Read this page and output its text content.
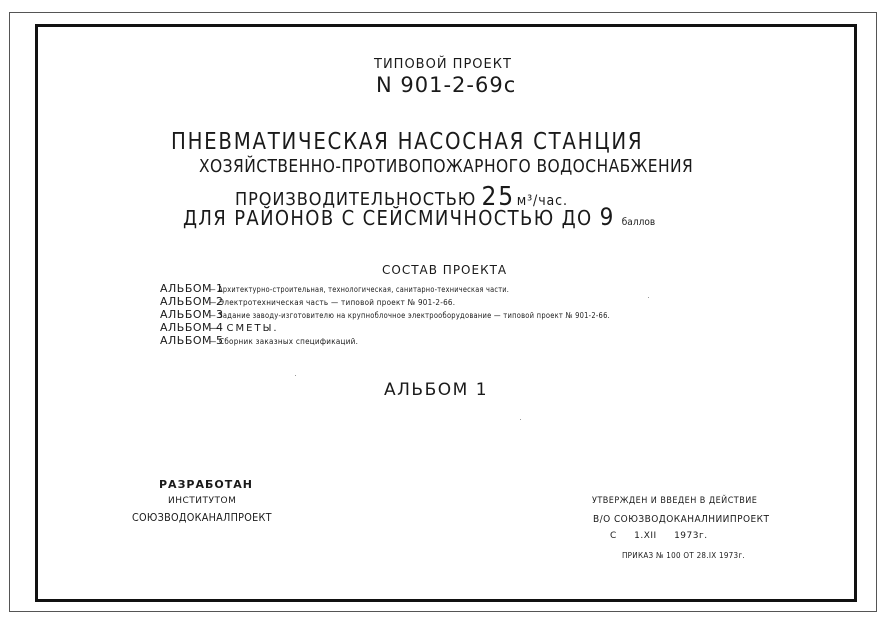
ТИПОВОЙ ПРОЕКТ
N 901-2-69с
ПНЕВМАТИЧЕСКАЯ НАСОСНАЯ СТАНЦИЯ
ХОЗЯЙСТВЕННО-ПРОТИВОПОЖАРНОГО ВОДОСНАБЖЕНИЯ
ПРОИЗВОДИТЕЛЬНОСТЬЮ 25 м³/час.
ДЛЯ РАЙОНОВ С СЕЙСМИЧНОСТЬЮ ДО 9 баллов
СОСТАВ ПРОЕКТА
АЛЬБОМ 1 — Архитектурно-строительная, технологическая, санитарно-техническая части.
АЛЬБОМ 2 — Электротехническая часть — типовой проект № 901-2-66.
АЛЬБОМ 3 — Задание заводу-изготовителю на крупноблочное электрооборудование — типовой проект № 901-2-66.
АЛЬБОМ 4 — СМЕТЫ.
АЛЬБОМ 5 — Сборник заказных спецификаций.
АЛЬБОМ 1
РАЗРАБОТАН
ИНСТИТУТОМ
СОЮЗВОДОКАНАЛПРОЕКТ
УТВЕРЖДЕН И ВВЕДЕН В ДЕЙСТВИЕ
В/О СОЮЗВОДОКАНАЛНИИПРОЕКТ
С 1.XII 1973г.
ПРИКАЗ № 100 ОТ 28.IX 1973г.
